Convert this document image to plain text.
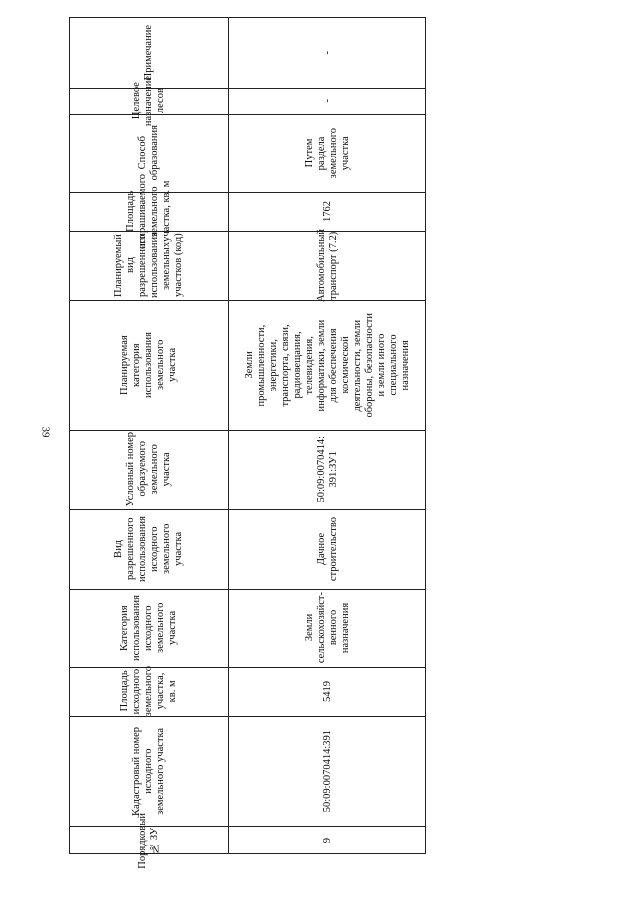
39
Примечание
Целевое назначение лесов
Способ
образования
Площадь испрашиваемого
земельного участка, кв. м
Планируемый вид
разрешенного
использования земельных
участков (код)
Планируемая
категория
использования
земельного
участка
Условный номер
образуемого
земельного
участка
Вид
разрешенного
использования
исходного
земельного
участка
Категория
использования
исходного
земельного
участка
Площадь исходного
земельного участка, кв. м
Кадастровый номер
исходного
земельного участка
Порядковый № ЗУ
-
-
Путем
раздела
земельного
участка
1762
Автомобильный
транспорт (7.2)
Земли
промышленности,
энергетики,
транспорта, связи,
радиовещания,
телевидения,
информатики, земли
для обеспечения
космической
деятельности, земли
обороны, безопасности
и земли иного
специального
назначения
50:09:0070414:
391:ЗУ1
Дачное
строительство
Земли
сельскохозяйст-
венного
назначения
5419
50:09:0070414:391
9
